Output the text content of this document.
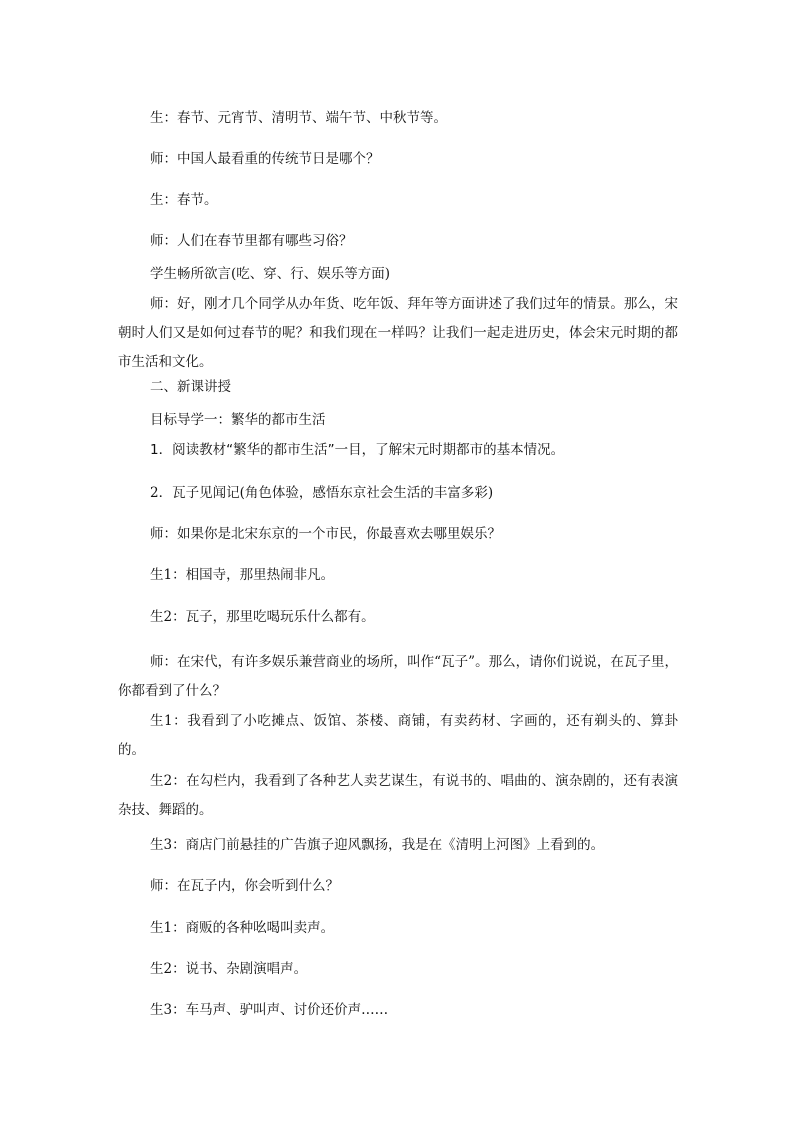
生：春节、元宵节、清明节、端午节、中秋节等。

师：中国人最看重的传统节日是哪个？

生：春节。

师：人们在春节里都有哪些习俗？

学生畅所欲言(吃、穿、行、娱乐等方面)

师：好，刚才几个同学从办年货、吃年饭、拜年等方面讲述了我们过年的情景。那么，宋朝时人们又是如何过春节的呢？和我们现在一样吗？让我们一起走进历史，体会宋元时期的都市生活和文化。

二、新课讲授

目标导学一：繁华的都市生活

1．阅读教材“繁华的都市生活”一目，了解宋元时期都市的基本情况。

2．瓦子见闻记(角色体验，感悟东京社会生活的丰富多彩)

师：如果你是北宋东京的一个市民，你最喜欢去哪里娱乐？

生1：相国寺，那里热闹非凡。

生2：瓦子，那里吃喝玩乐什么都有。

师：在宋代，有许多娱乐兼营商业的场所，叫作“瓦子”。那么，请你们说说，在瓦子里，你都看到了什么？

生1：我看到了小吃摊点、饭馆、茶楼、商铺，有卖药材、字画的，还有剃头的、算卦的。

生2：在勾栏内，我看到了各种艺人卖艺谋生，有说书的、唱曲的、演杂剧的，还有表演杂技、舞蹈的。

生3：商店门前悬挂的广告旗子迎风飘扬，我是在《清明上河图》上看到的。

师：在瓦子内，你会听到什么？

生1：商贩的各种吆喝叫卖声。

生2：说书、杂剧演唱声。

生3：车马声、驴叫声、讨价还价声……
